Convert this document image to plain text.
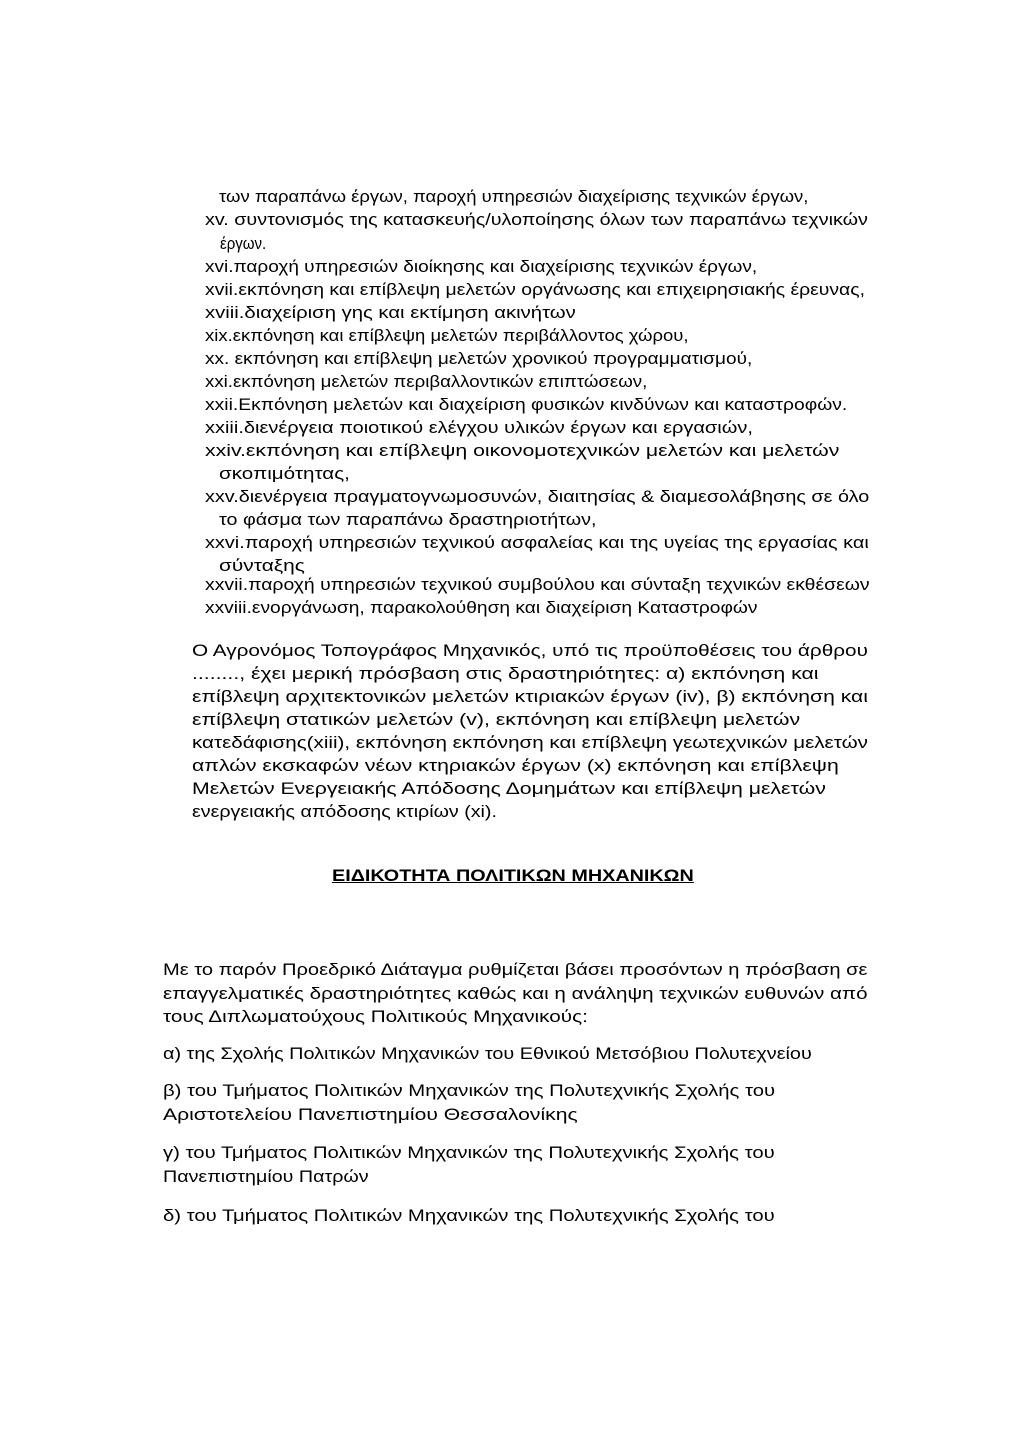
των παραπάνω έργων, παροχή υπηρεσιών διαχείρισης τεχνικών έργων,
xv. συντονισμός της κατασκευής/υλοποίησης όλων των παραπάνω τεχνικών
έργων.
xvi.παροχή υπηρεσιών διοίκησης και διαχείρισης τεχνικών έργων,
xvii.εκπόνηση και επίβλεψη μελετών οργάνωσης και επιχειρησιακής έρευνας,
xviii.διαχείριση γης και εκτίμηση ακινήτων
xix.εκπόνηση και επίβλεψη μελετών περιβάλλοντος χώρου,
xx. εκπόνηση και επίβλεψη μελετών χρονικού προγραμματισμού,
xxi.εκπόνηση μελετών περιβαλλοντικών επιπτώσεων,
xxii.Εκπόνηση μελετών και διαχείριση φυσικών κινδύνων και καταστροφών.
xxiii.διενέργεια ποιοτικού ελέγχου υλικών έργων και εργασιών,
xxiv.εκπόνηση και επίβλεψη οικονομοτεχνικών μελετών και μελετών
σκοπιμότητας,
xxv.διενέργεια πραγματογνωμοσυνών, διαιτησίας & διαμεσολάβησης σε όλο
το φάσμα των παραπάνω δραστηριοτήτων,
xxvi.παροχή υπηρεσιών τεχνικού ασφαλείας και της υγείας της εργασίας και
σύνταξης
xxvii.παροχή υπηρεσιών τεχνικού συμβούλου και σύνταξη τεχνικών εκθέσεων
xxviii.ενοργάνωση, παρακολούθηση και διαχείριση Καταστροφών
Ο Αγρονόμος Τοπογράφος Μηχανικός, υπό τις προϋποθέσεις του άρθρου
........, έχει μερική πρόσβαση στις δραστηριότητες: α) εκπόνηση και
επίβλεψη αρχιτεκτονικών μελετών κτιριακών έργων (iv), β) εκπόνηση και
επίβλεψη στατικών μελετών (v), εκπόνηση και επίβλεψη μελετών
κατεδάφισης(xiii), εκπόνηση εκπόνηση και επίβλεψη γεωτεχνικών μελετών
απλών εκσκαφών νέων κτηριακών έργων (x) εκπόνηση και επίβλεψη
Μελετών Ενεργειακής Απόδοσης Δομημάτων και επίβλεψη μελετών
ενεργειακής απόδοσης κτιρίων (xi).
ΕΙΔΙΚΟΤΗΤΑ ΠΟΛΙΤΙΚΩΝ ΜΗΧΑΝΙΚΩΝ
Με το παρόν Προεδρικό Διάταγμα ρυθμίζεται βάσει προσόντων η πρόσβαση σε
επαγγελματικές δραστηριότητες καθώς και η ανάληψη τεχνικών ευθυνών από
τους Διπλωματούχους Πολιτικούς Μηχανικούς:
α) της Σχολής Πολιτικών Μηχανικών του Εθνικού Μετσόβιου Πολυτεχνείου
β) του Τμήματος Πολιτικών Μηχανικών της Πολυτεχνικής Σχολής του
Αριστοτελείου Πανεπιστημίου Θεσσαλονίκης
γ) του Τμήματος Πολιτικών Μηχανικών της Πολυτεχνικής Σχολής του
Πανεπιστημίου Πατρών
δ) του Τμήματος Πολιτικών Μηχανικών της Πολυτεχνικής Σχολής του
